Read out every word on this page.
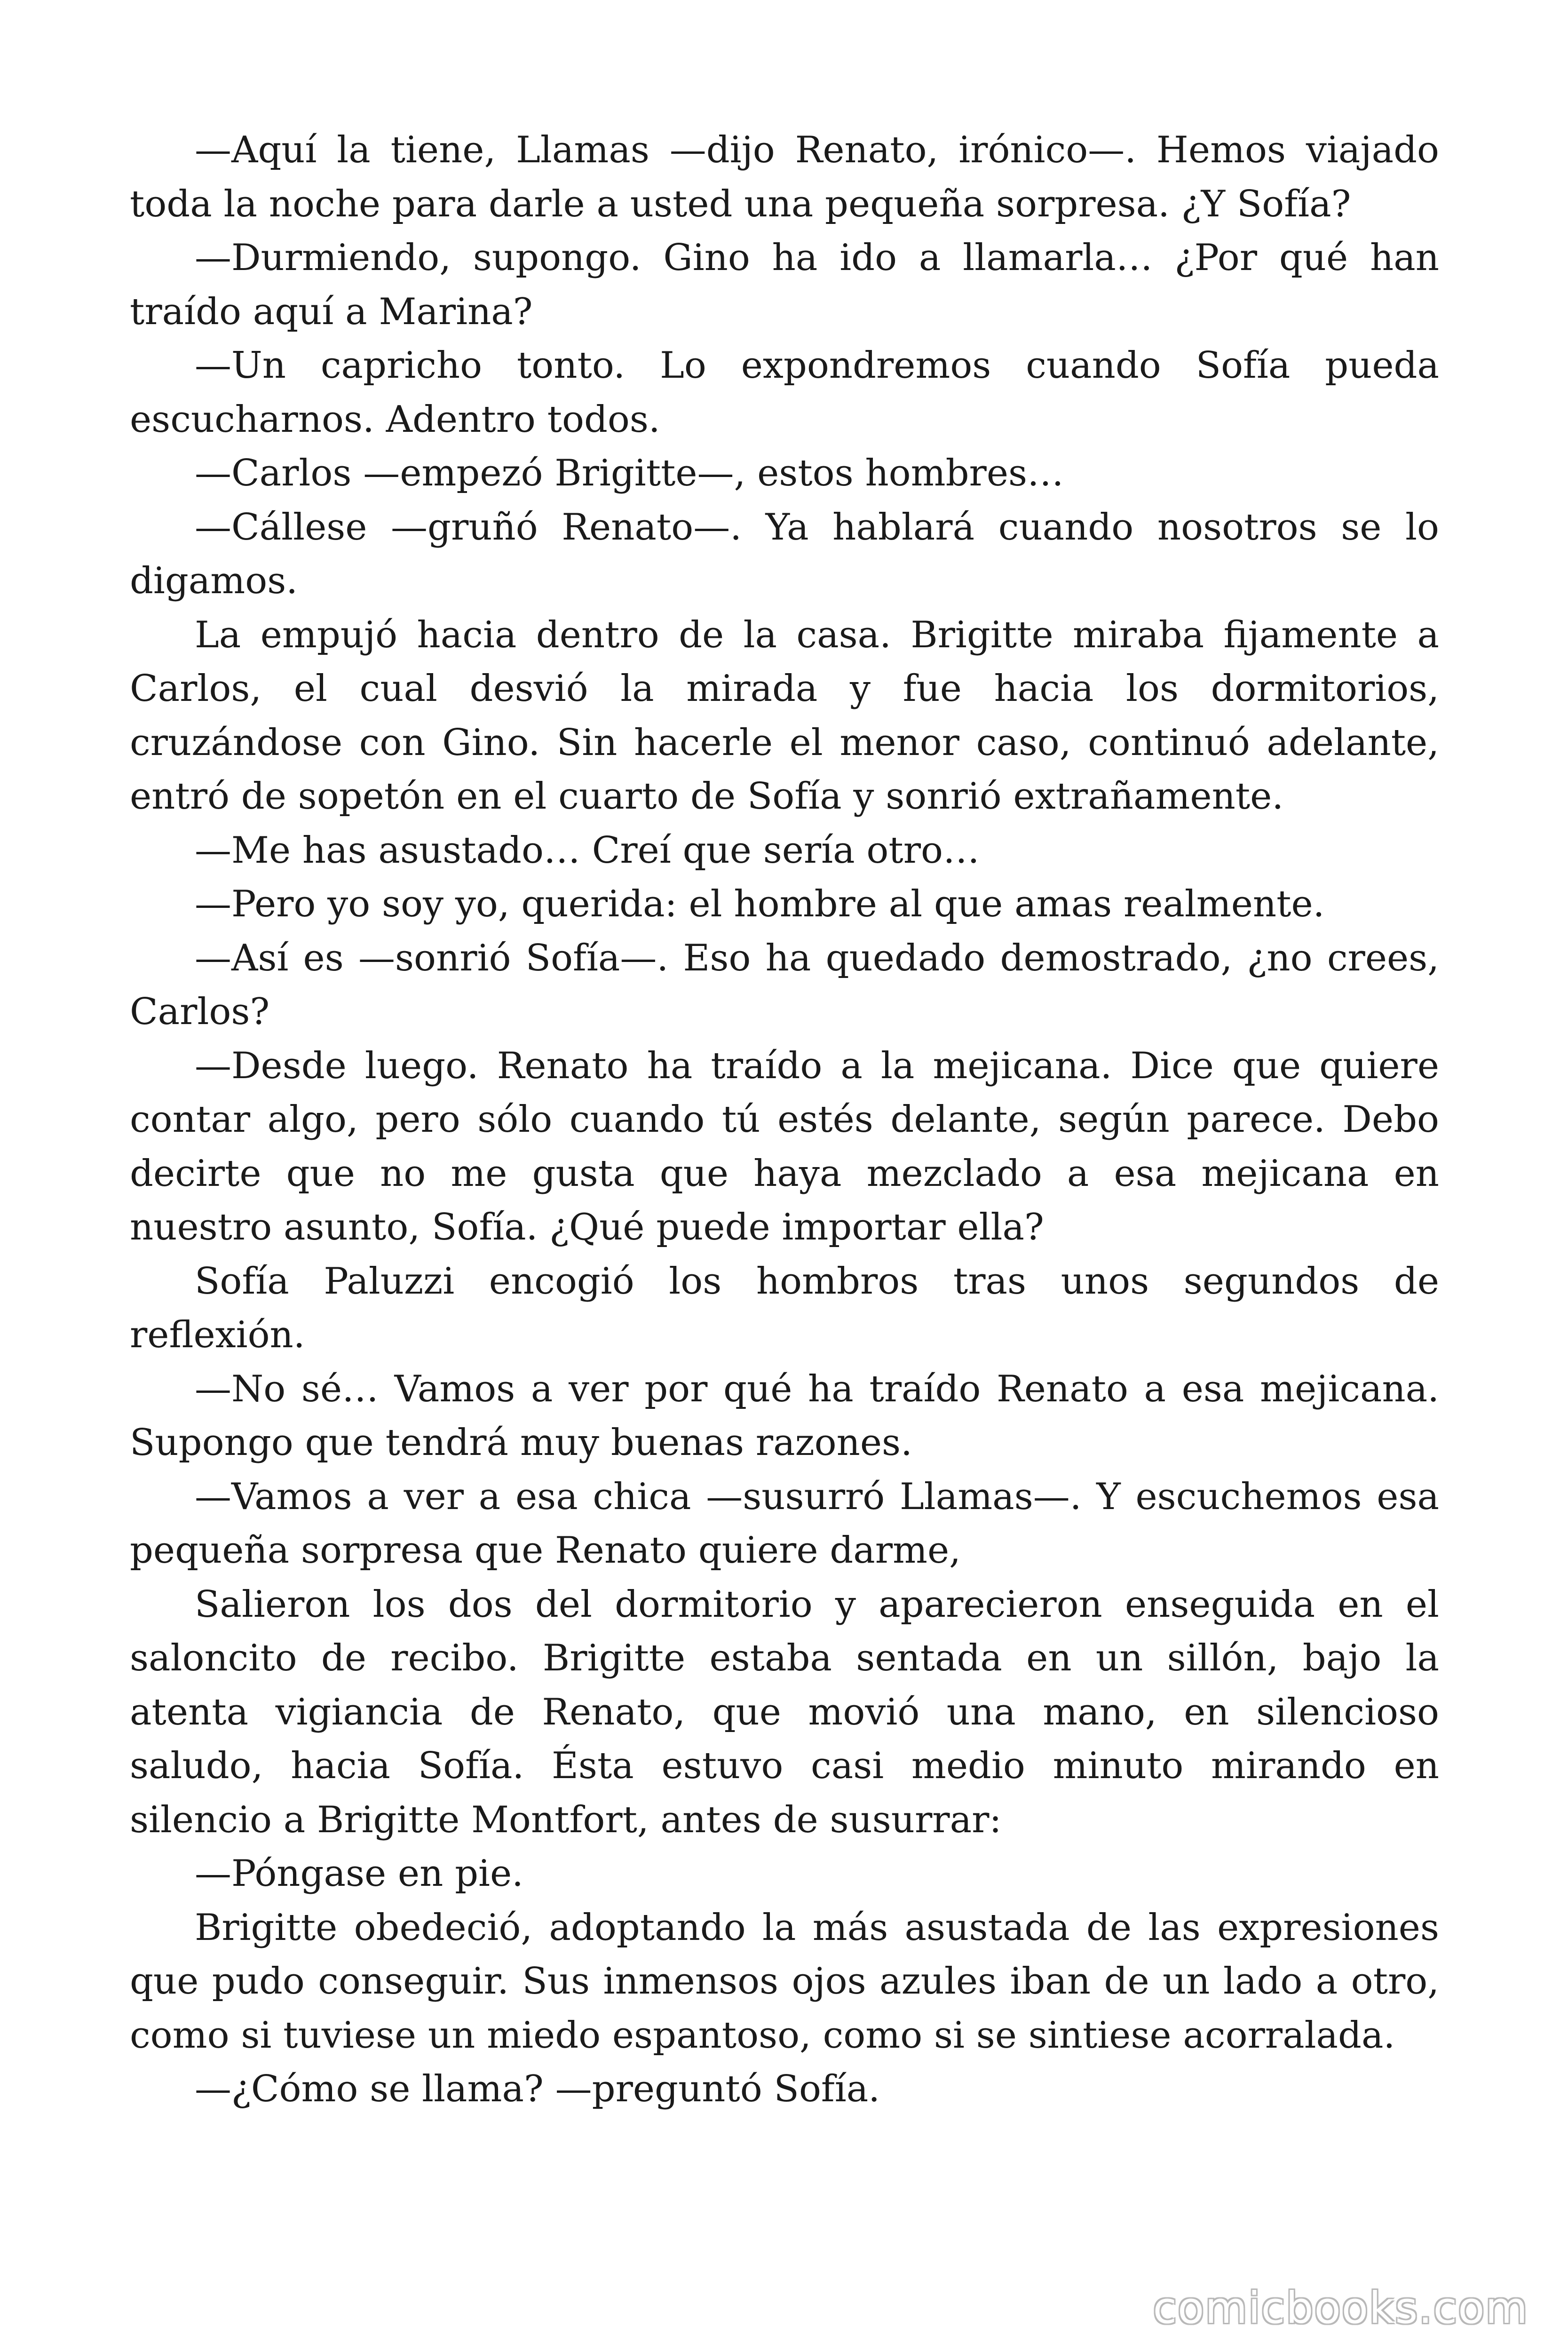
—Aquí la tiene, Llamas —dijo Renato, irónico—. Hemos viajado toda la noche para darle a usted una pequeña sorpresa. ¿Y Sofía?

—Durmiendo, supongo. Gino ha ido a llamarla… ¿Por qué han traído aquí a Marina?

—Un capricho tonto. Lo expondremos cuando Sofía pueda escucharnos. Adentro todos.

—Carlos —empezó Brigitte—, estos hombres…

—Cállese —gruñó Renato—. Ya hablará cuando nosotros se lo digamos.

La empujó hacia dentro de la casa. Brigitte miraba fijamente a Carlos, el cual desvió la mirada y fue hacia los dormitorios, cruzándose con Gino. Sin hacerle el menor caso, continuó adelante, entró de sopetón en el cuarto de Sofía y sonrió extrañamente.

—Me has asustado… Creí que sería otro…

—Pero yo soy yo, querida: el hombre al que amas realmente.

—Así es —sonrió Sofía—. Eso ha quedado demostrado, ¿no crees, Carlos?

—Desde luego. Renato ha traído a la mejicana. Dice que quiere contar algo, pero sólo cuando tú estés delante, según parece. Debo decirte que no me gusta que haya mezclado a esa mejicana en nuestro asunto, Sofía. ¿Qué puede importar ella?

Sofía Paluzzi encogió los hombros tras unos segundos de reflexión.

—No sé… Vamos a ver por qué ha traído Renato a esa mejicana. Supongo que tendrá muy buenas razones.

—Vamos a ver a esa chica —susurró Llamas—. Y escuchemos esa pequeña sorpresa que Renato quiere darme,

Salieron los dos del dormitorio y aparecieron enseguida en el saloncito de recibo. Brigitte estaba sentada en un sillón, bajo la atenta vigiancia de Renato, que movió una mano, en silencioso saludo, hacia Sofía. Ésta estuvo casi medio minuto mirando en silencio a Brigitte Montfort, antes de susurrar:

—Póngase en pie.

Brigitte obedeció, adoptando la más asustada de las expresiones que pudo conseguir. Sus inmensos ojos azules iban de un lado a otro, como si tuviese un miedo espantoso, como si se sintiese acorralada.

—¿Cómo se llama? —preguntó Sofía.

comicbooks.com
